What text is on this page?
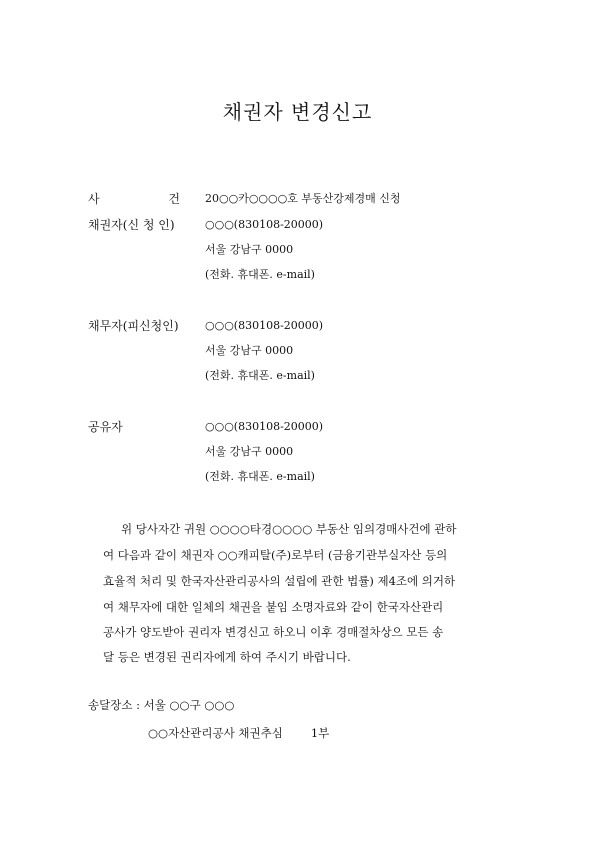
채권자 변경신고
사	건 20○○카○○○○호 부동산강제경매 신청
채권자(신 청 인)	○○○(830108-20000)
서울 강남구 0000
(전화. 휴대폰. e-mail)
채무자(피신청인) ○○○(830108-20000)
서울 강남구 0000
(전화. 휴대폰. e-mail)
공유자	○○○(830108-20000)
서울 강남구 0000
(전화. 휴대폰. e-mail)
위 당사자간 귀원 ○○○○타경○○○○ 부동산 임의경매사건에 관하
여 다음과 같이 채권자 ○○캐피탈(주)로부터 (금융기관부실자산 등의
효율적 처리 및 한국자산관리공사의 설립에 관한 법률) 제4조에 의거하
여 채무자에 대한 일체의 채권을 붙임 소명자료와 같이 한국자산관리
공사가 양도받아 권리자 변경신고 하오니 이후 경매절차상으 모든 송
달 등은 변경된 권리자에게 하여 주시기 바랍니다.
송달장소 : 서울 ○○구 ○○○
○○자산관리공사 채권추심 1부
